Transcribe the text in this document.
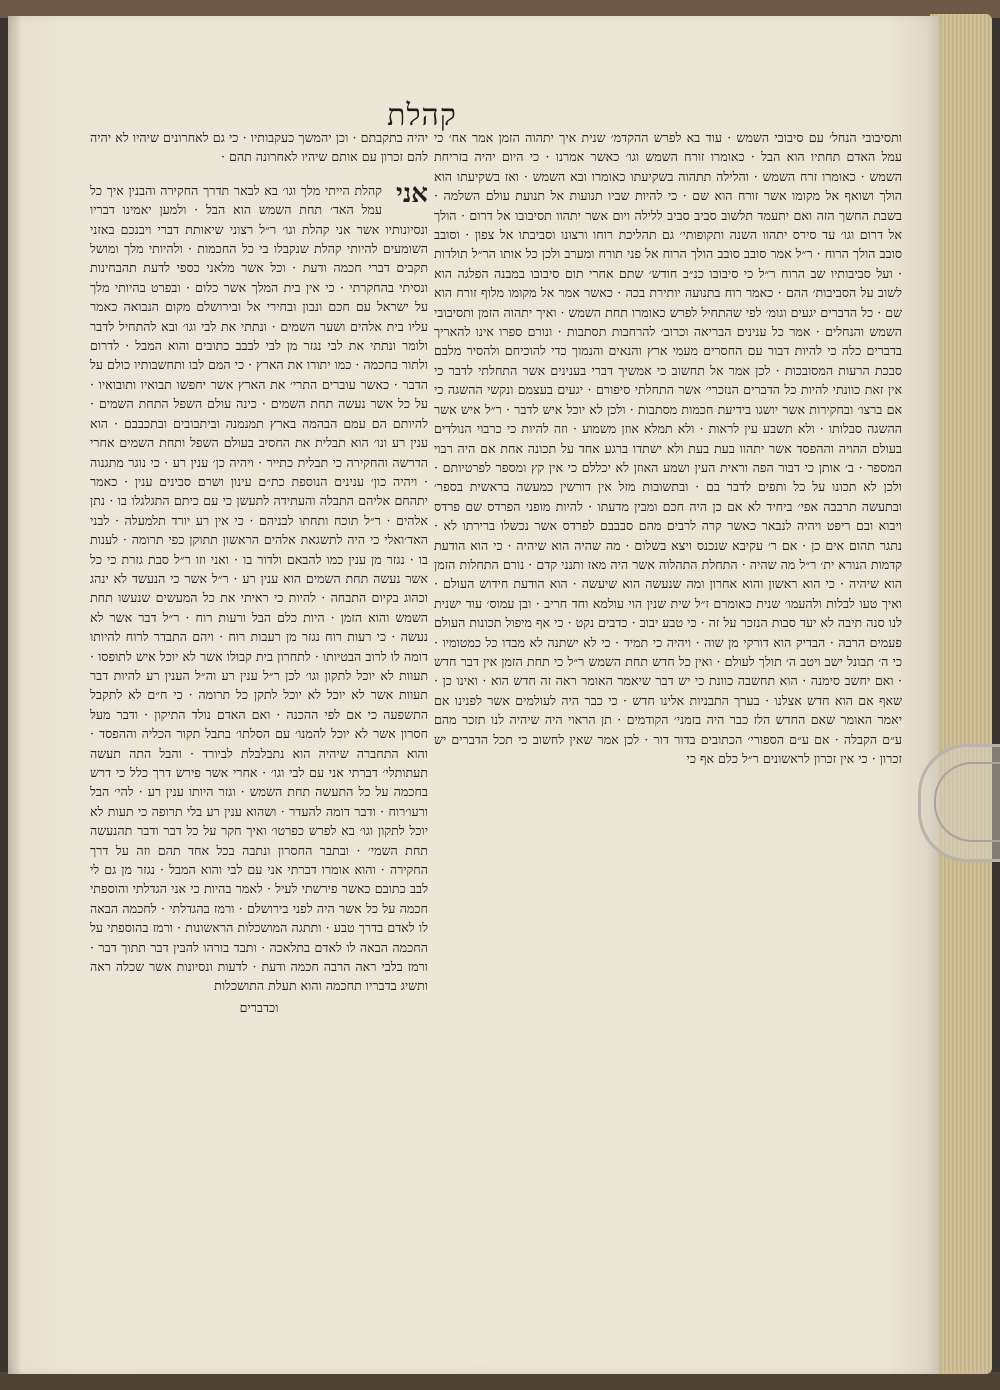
קהלת
ותסיבובי הנחל׳ עם סיבובי השמש · עוד בא לפרש ההקדמ׳ שנית איך יתהוה הזמן אמר אח׳ כי עמל האדם תחתיו הוא הבל · כאומרו זורח השמש וגו׳ כאשר אמרנו · כי היום יהיה בזריחת השמש · כאומרו זרח השמש · והלילה תתהוה בשקיעתו כאומרו ובא השמש · ואז בשקיעתו הוא הולך ושואף אל מקומו אשר זורח הוא שם · כי להיות שביו תנועות אל תנועת עולם השלמה · בשבת החשך הזה ואם יתעמד תלשוב סביב סביב ללילה ויום אשר יתהוו תסיבובו אל דרום · הולך אל דרום וגו׳ עד סירס יתהוו השנה ותקופותי׳ גם תהליכת רוחו ורצונו וסביבתו אל צפון · וסובב סובב הולך הרוח · ר״ל אמר סובב סובב הולך הרוח אל פני תורח ומערב ולכן כל אותו הר״ל תולדות · ועל סביבותיו שב הרוח ר״ל כי סיבובו כנ״ב חודש׳ שתם אחרי תום סיבובו במבנה הפלגה הוא לשוב על הסביבות׳ ההם · כאמר רוח בתנועה יותירת בכה · כאשר אמר אל מקומו מלוף זורח הוא שם · כל הדברים יגעים וגומ׳ לפי שהתחיל לפרש כאומרו תחת השמש · ואיך יתהוה הזמן ותסיבובי השמש והנחלים · אמר כל ענינים הבריאה וכרוב׳ להרחבות תסתבות · ונורם ספרו אינו להאריך בדברים כלה כי להיות דבור עם החסרים מעמי ארץ והנאים והנמוך כדי להוכיחם ולהסיר מלבם סבכת הרעות המסובכות · לכן אמר אל תחשוב כי אמשיך דברי בענינים אשר התחלתי לדבר כי אין זאת כוונתי להיות כל הדברים הנזכרי׳ אשר התחלתי סיפורם · יגעים בעצמם ונקשי ההשגה כי אם ברצו׳ ובחקירות אשר יושגו בידיעת חכמות מסתבות · ולכן לא יוכל איש לדבר · ר״ל איש אשר ההשגה סבלותו · ולא תשבע עין לראות · ולא תמלא אוזן משמוע · וזה להיות כי כרבוי הנולדים בעולם ההויה וההפסד אשר יתהוו בעת בעת ולא ישתדו ברגע אחד על תכונה אחת אם היה רבוי המספר · ב׳ אותן כי דבור הפה וראית העין ושמע האוזן לא יכללם כי אין קץ ומספר לפרטיותם · ולכן לא תכונו על כל ותפים לדבר בם · ובתשובות מזל אין דורשין כמעשה בראשית בספר׳ ובתעשה תרבבה אפי׳ ביחיד לא אם כן היה חכם ומבין מדעתו · להיות מופני הפרדס שם פרדס ויבוא ובם ריפט ויהיה לנבאר כאשר קרה לרבים מהם סבבבם לפרדס אשר נכשלו ברירתו לא · נתגר תהום אים כן · אם ר׳ עקיבא שנכנס ויצא בשלום · מה שהיה הוא שיהיה · כי הוא הודעת קדמות הנורא ית׳ ר״ל מה שהיה · התחלת התהלוה אשר היה מאז ותנני קדם · נורם התחלות הזמן הוא שיהיה · כי הוא ראשון והוא אחרון ומה שנעשה הוא שיעשה · הוא הודעת חידוש העולם · ואיך טעו לבלות ולהעמו׳ שנית כאומרם ז״ל שית שנין הוי עולמא וחד חריב · ובן עמוס׳ עוד ישנית לנו סנה תיבה לא יעד סבות הנזכר על זה · כי טבע יבוב · כדבים נקט · כי אף מיפול תכונות העולם פעמים הרבה · הבדיק הוא דורקי מן שוה · ויהיה כי תמיד · כי לא ישתנה לא מבדו כל כמטומיו · כי ה׳ תבונל ישב ויטב ה׳ תולך לעולם · ואין כל חדש תחת השמש ר״ל כי תחת הזמן אין דבר חדש · ואם יחשב סימנה · הוא תחשבה כוונת כי יש דבר שיאמר האומר ראה זה חדש הוא · ואינו כן · שאף אם הוא חדש אצלנו · בערך התבניות אלינו חדש · כי כבר היה לעולמים אשר לפנינו אם יאמר האומר שאם החדש הלז כבר היה בזמני׳ הקודמים · תן הראוי היה שיהיה לנו תזכר מהם ע״ם הקבלה · אם ע״ם הספורי׳ הכתובים בדור דור · לכן אמר שאין לחשוב כי תכל הדברים יש זכרון · כי אין זכרון לראשונים ר״ל כלם אף כי
יהיה בתקבתם · וכן יהמשך כעקבותיו · כי גם לאחרונים שיהיו לא יהיה להם זכרון עם אותם שיהיו לאחרונה תהם ·
אני
קהלת הייתי מלך וגו׳ בא לבאר תדרך החקירה והבנין איך כל עמל האד׳ תחת השמש הוא הבל · ולמען יאמינו דבריו ונסיונותיו אשר אני קהלת וגו׳ ר״ל רצוני שיאותת דברי ויבנכם באזני השומעים להיותי קהלת שנקבלו בי כל החכמות · ולהיותי מלך ומושל תקבים דברי חכמה ודעת · וכל אשר מלאני כספי לדעת תהבחינות ונסיתי בהחקרתי · כי אין בית המלך אשר כלום · ובפרט בהיותי מלך על ישראל עם חכם ונבון ובחירי אל ובירושלם מקום הנבואה כאמר עליו בית אלהים ושער השמים · ונתתי את לבי וגו׳ ובא להתחיל לדבר ולומר ונתתי את לבי נגזר מן לבי לבבב כתובים והוא המבל · לדרום ולתור בחכמה · כמו יתורו את הארץ · כי המם לבו ותחשבותיו כולם על הדבר · כאשר עוברים התרי׳ את הארץ אשר יחפשו תבואיו ותובואיו · על כל אשר נעשה תחת השמים · כינה עולם השפל התחת השמים · להיותם הם עמם הבהמה בארץ תמנמנה וביתבובים ובתכבבם · הוא ענין רע ונו׳ הוא תבלית את החסיב בעולם השפל ותחת השמים אחרי הדרשה והחקירה כי תבלית כתייר · ויהיה כן׳ ענין רע · כי נוגר מתגנוה · ויהיה כון׳ ענינים הנוספת כת״ם עינון ושרם סבינים ענין · כאמר יתהחם אליהם התבלה והעתידה לתעשן כי עם כיתם התגלגלו בו · נתן אלהים · ר״ל תוכח ותחתו לבניהם · כי אין רע יורד תלמעלה · לבני האד׳ואלי כי היה לתשגאת אלהים הראשון תתוקן כפי תרומה · לענות בו · נגזר מן ענין כמו להבאם ולדור בו · ואני וזו ר״ל סבת גזרת כי כל אשר נעשה תחת השמים הוא ענין רע · ר״ל אשר כי הנעשד לא ינהג וכהוג בקיום התבחה · להיות כי ראיתי את כל המעשים שנעשו תחת השמש והוא הזמן · היות כלם הבל ורעות רוח · ר״ל דבר אשר לא נעשה · כי רעות רוח נגזר מן רעבות רוח · ויהם התבדר לרוח להיותו דומה לו לרוב הבטיותו · לתחרון בית קבולו אשר לא יוכל איש לתופסו · תעוות לא יוכל לתקון וגו׳ לכן ר״ל ענין רע וה״ל הענין רע להיות דבר תעוות אשר לא יוכל לא יוכל לתקן כל תרומה · כי ח״ם לא לתקבל התשפעה כי אם לפי ההכנה · ואם האדם נולד התיקון · ודבר מעל חסרון אשר לא יוכל להמנו׳ עם הסלתו׳ בתבל תקור הכליה וההפסד · והוא התחברה שיהיה הוא נתבלבלת לביורד · והבל התה תעשה תעתותלי׳ דברתי אני עם לבי וגו׳ · אחרי אשר פירש דרך כלל כי דרש בחכמה על כל התעשה תחת השמש · וגזר היותו ענין רע · להי׳ הבל ורעו׳רוח · ודבר דומה להעדר · ושהוא ענין רע בלי תרופה כי תעות לא יוכל לתקון וגו׳ בא לפרש כפרטו׳ ואיך חקר על כל דבר ודבר תהנעשה תחת השמי׳ · ובתבר החסרון ונתבה בכל אחד תהם וזה על דרך החקירה · והוא אומרו דברתי אני עם לבי והוא המבל · נגזר מן גם לי לבב כתובם כאשר פירשתי לעיל · לאמר בהיות כי אני הגדלתי והוספתי חכמה על כל אשר היה לפני בירושלם · ורמז בהגדלתי · לחכמה הבאה לו לאדם בדרך טבע · ותתגה המושכלות הראשונות · ורמז בהוספתי על החכמה הבאה לו לאדם בתלאכה · ותבד בורהו להבין דבר תתוך דבר · ורמז בלבי ראה הרבה חכמה ודעת · לדעות ונסיונות אשר שכלה ראה ותשיג בדבריו תחכמה והוא תעלת התושכלות
וכדברים
